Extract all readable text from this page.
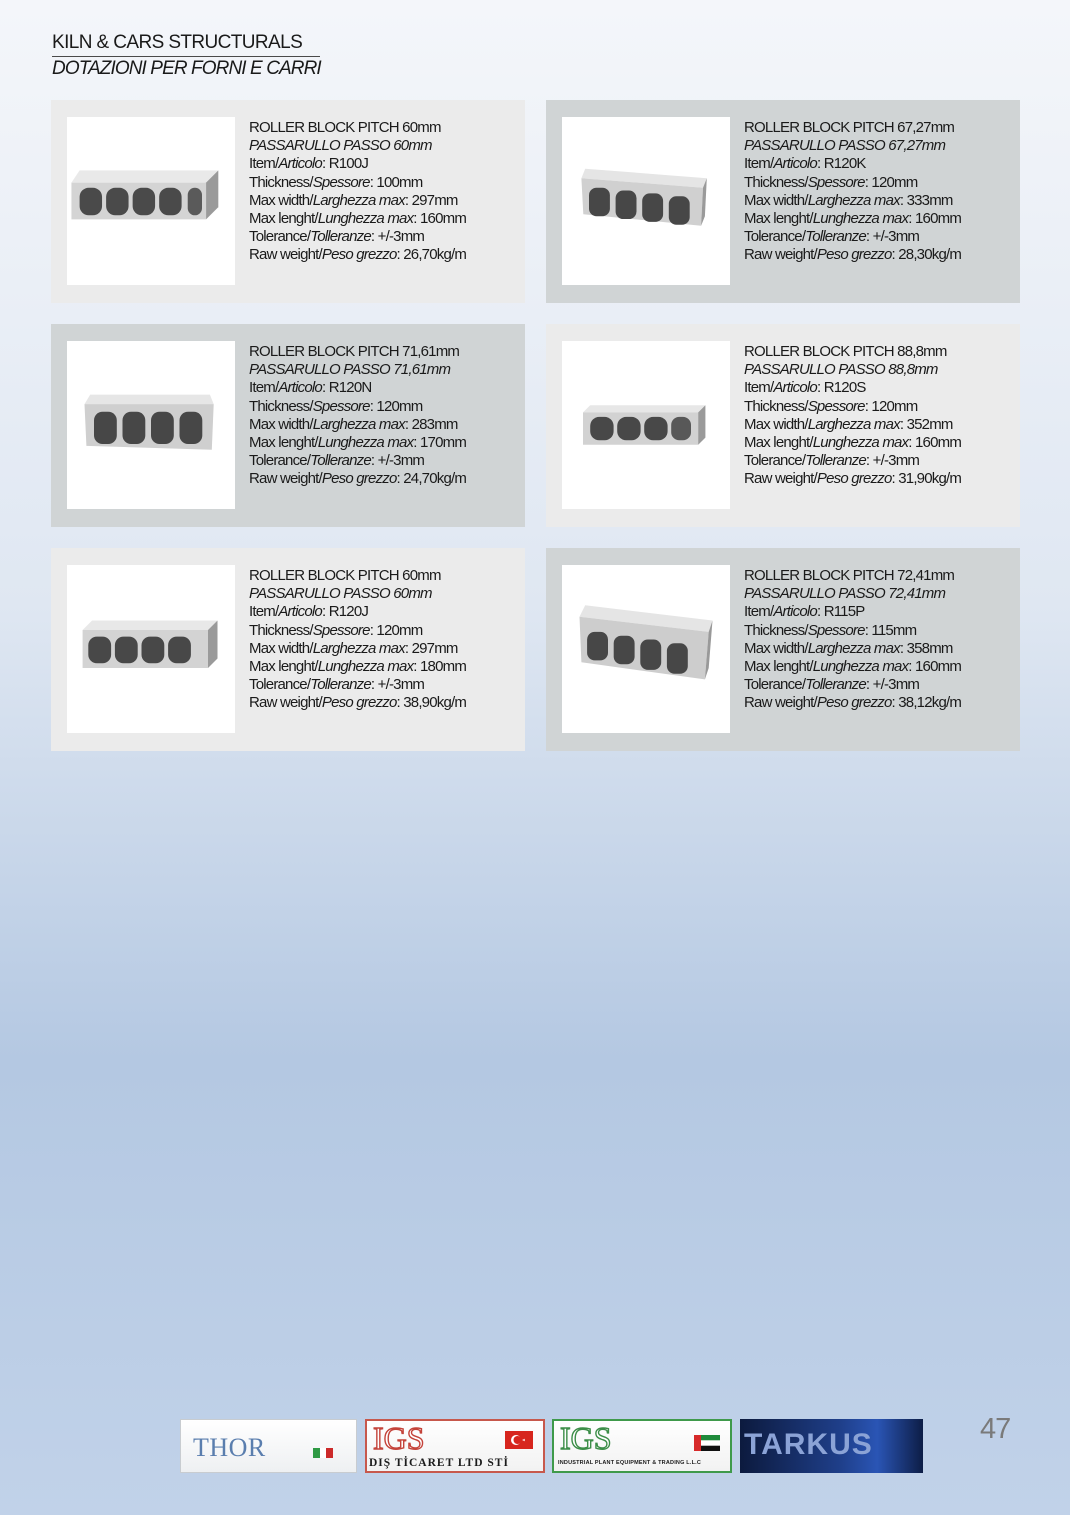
KILN & CARS STRUCTURALS
DOTAZIONI PER FORNI E CARRI
ROLLER BLOCK PITCH 60mm
PASSARULLO PASSO 60mm
Item/Articolo: R100J
Thickness/Spessore: 100mm
Max width/Larghezza max: 297mm
Max lenght/Lunghezza max: 160mm
Tolerance/Tolleranze: +/-3mm
Raw weight/Peso grezzo: 26,70kg/m
ROLLER BLOCK PITCH 67,27mm
PASSARULLO PASSO 67,27mm
Item/Articolo: R120K
Thickness/Spessore: 120mm
Max width/Larghezza max: 333mm
Max lenght/Lunghezza max: 160mm
Tolerance/Tolleranze: +/-3mm
Raw weight/Peso grezzo: 28,30kg/m
ROLLER BLOCK PITCH 71,61mm
PASSARULLO PASSO 71,61mm
Item/Articolo: R120N
Thickness/Spessore: 120mm
Max width/Larghezza max: 283mm
Max lenght/Lunghezza max: 170mm
Tolerance/Tolleranze: +/-3mm
Raw weight/Peso grezzo: 24,70kg/m
ROLLER BLOCK PITCH 88,8mm
PASSARULLO PASSO 88,8mm
Item/Articolo: R120S
Thickness/Spessore: 120mm
Max width/Larghezza max: 352mm
Max lenght/Lunghezza max: 160mm
Tolerance/Tolleranze: +/-3mm
Raw weight/Peso grezzo: 31,90kg/m
ROLLER BLOCK PITCH 60mm
PASSARULLO PASSO 60mm
Item/Articolo: R120J
Thickness/Spessore: 120mm
Max width/Larghezza max: 297mm
Max lenght/Lunghezza max: 180mm
Tolerance/Tolleranze: +/-3mm
Raw weight/Peso grezzo: 38,90kg/m
ROLLER BLOCK PITCH 72,41mm
PASSARULLO PASSO 72,41mm
Item/Articolo: R115P
Thickness/Spessore: 115mm
Max width/Larghezza max: 358mm
Max lenght/Lunghezza max: 160mm
Tolerance/Tolleranze: +/-3mm
Raw weight/Peso grezzo: 38,12kg/m
THOR	IGS
DIŞ TİCARET LTD STİ
IGS
INDUSTRIAL PLANT EQUIPMENT & TRADING L.L.C
TARKUS	47
